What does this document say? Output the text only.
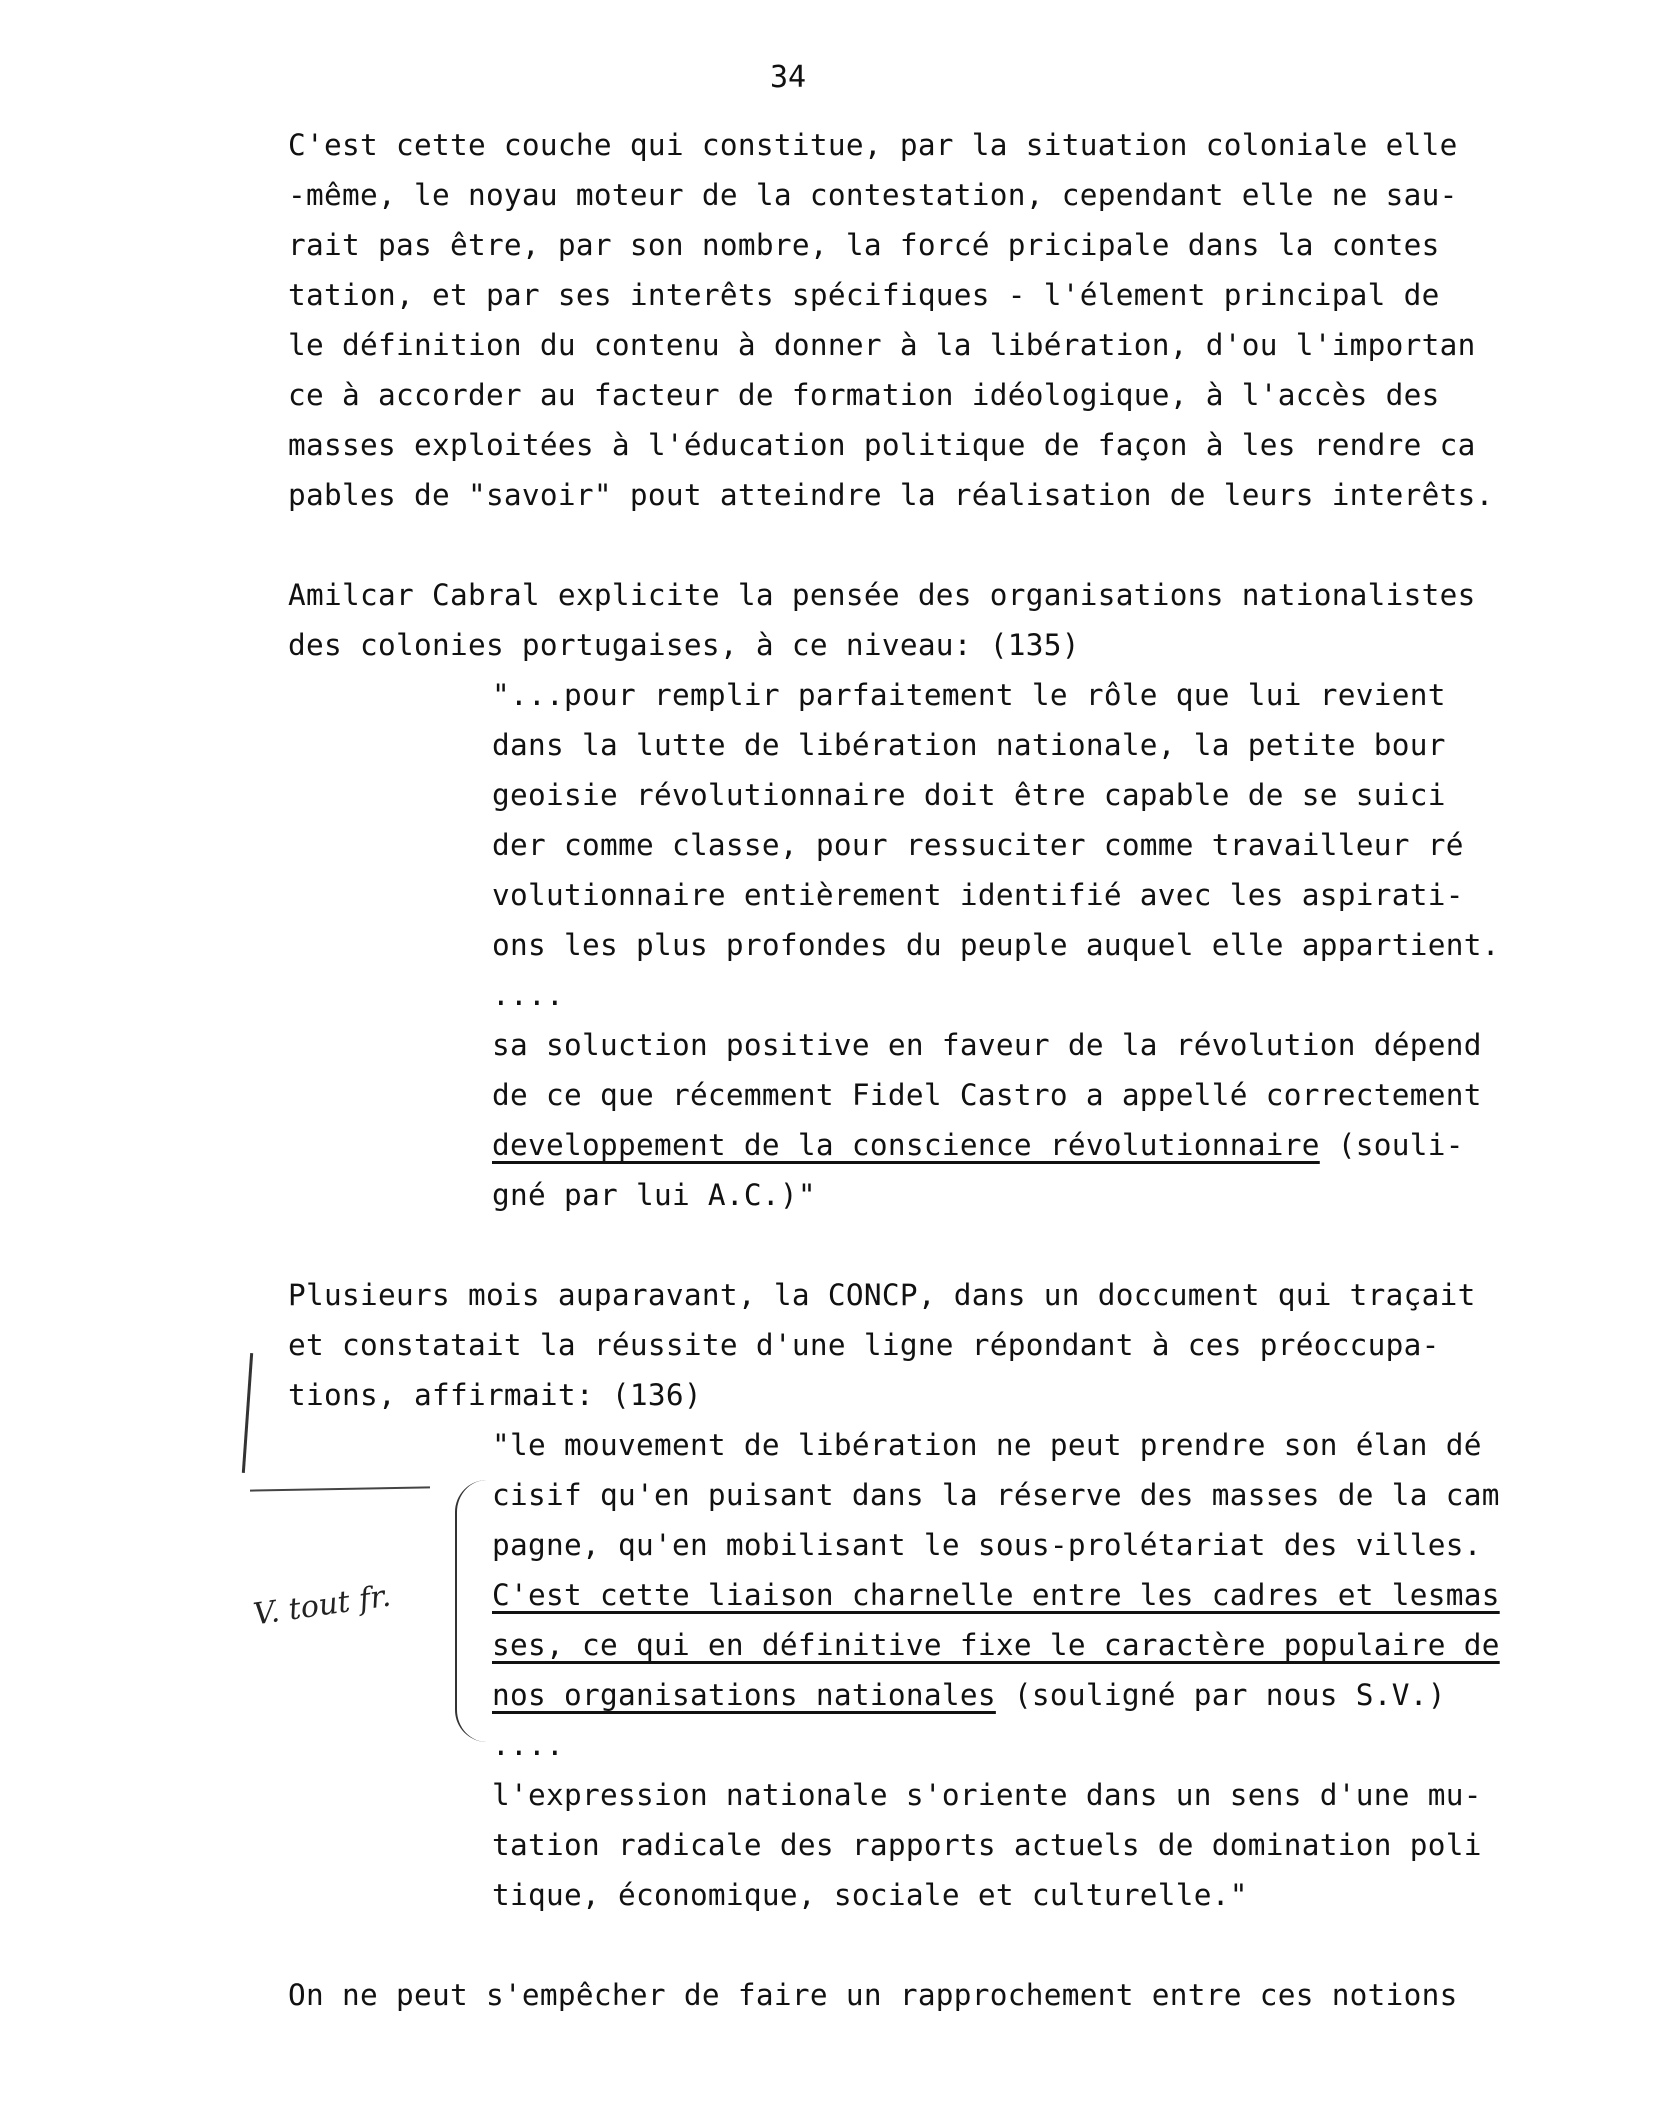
34
C'est cette couche qui constitue, par la situation coloniale elle
-même, le noyau moteur de la contestation, cependant elle ne sau-
rait pas être, par son nombre, la forcé pricipale dans la contes
tation, et par ses interêts spécifiques - l'élement principal de
le définition du contenu à donner à la libération, d'ou l'importan
ce à accorder au facteur de formation idéologique, à l'accès des
masses exploitées à l'éducation politique de façon à les rendre ca
pables de "savoir" pout atteindre la réalisation de leurs interêts.
Amilcar Cabral explicite la pensée des organisations nationalistes
des colonies portugaises, à ce niveau: (135)
"...pour remplir parfaitement le rôle que lui revient
dans la lutte de libération nationale, la petite bour
geoisie révolutionnaire doit être capable de se suici
der comme classe, pour ressuciter comme travailleur ré
volutionnaire entièrement identifié avec les aspirati-
ons les plus profondes du peuple auquel elle appartient.
....
sa soluction positive en faveur de la révolution dépend
de ce que récemment Fidel Castro a appellé correctement
developpement de la conscience révolutionnaire (souli-
gné par lui A.C.)"
Plusieurs mois auparavant, la CONCP, dans un doccument qui traçait
et constatait la réussite d'une ligne répondant à ces préoccupa-
tions, affirmait: (136)
"le mouvement de libération ne peut prendre son élan dé
cisif qu'en puisant dans la réserve des masses de la cam
pagne, qu'en mobilisant le sous-prolétariat des villes.
C'est cette liaison charnelle entre les cadres et lesmas
ses, ce qui en définitive fixe le caractère populaire de
nos organisations nationales (souligné par nous S.V.)
....
l'expression nationale s'oriente dans un sens d'une mu-
tation radicale des rapports actuels de domination poli
tique, économique, sociale et culturelle."
On ne peut s'empêcher de faire un rapprochement entre ces notions
V. tout fr.
